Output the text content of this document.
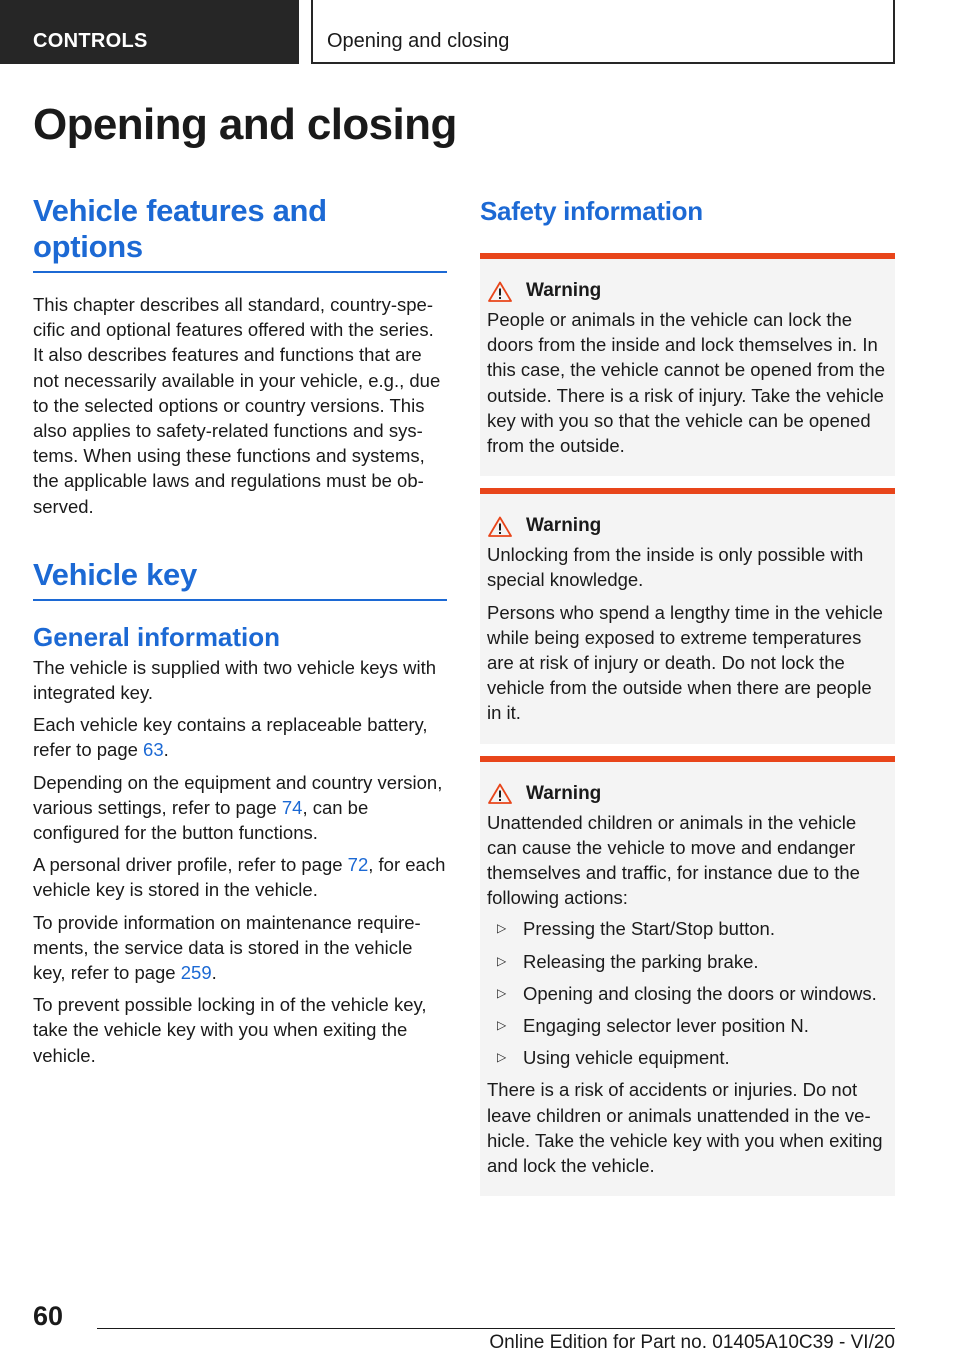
CONTROLS	Opening and closing
Opening and closing
Vehicle features and options

This chapter describes all standard, country-specific and optional features offered with the series. It also describes features and functions that are not necessarily available in your vehicle, e.g., due to the selected options or country versions. This also applies to safety-related functions and systems. When using these functions and systems, the applicable laws and regulations must be observed.

Vehicle key
General information

The vehicle is supplied with two vehicle keys with integrated key.

Each vehicle key contains a replaceable battery, refer to page 63.

Depending on the equipment and country version, various settings, refer to page 74, can be configured for the button functions.

A personal driver profile, refer to page 72, for each vehicle key is stored in the vehicle.

To provide information on maintenance requirements, the service data is stored in the vehicle key, refer to page 259.

To prevent possible locking in of the vehicle key, take the vehicle key with you when exiting the vehicle.

Safety information
Warning

People or animals in the vehicle can lock the doors from the inside and lock themselves in. In this case, the vehicle cannot be opened from the outside. There is a risk of injury. Take the vehicle key with you so that the vehicle can be opened from the outside.

Warning

Unlocking from the inside is only possible with special knowledge.

Persons who spend a lengthy time in the vehicle while being exposed to extreme temperatures are at risk of injury or death. Do not lock the vehicle from the outside when there are people in it.

Warning

Unattended children or animals in the vehicle can cause the vehicle to move and endanger themselves and traffic, for instance due to the following actions:

▷ Pressing the Start/Stop button.
▷ Releasing the parking brake.
▷ Opening and closing the doors or windows.
▷ Engaging selector lever position N.
▷ Using vehicle equipment.

There is a risk of accidents or injuries. Do not leave children or animals unattended in the vehicle. Take the vehicle key with you when exiting and lock the vehicle.

60
Online Edition for Part no. 01405A10C39 - VI/20
